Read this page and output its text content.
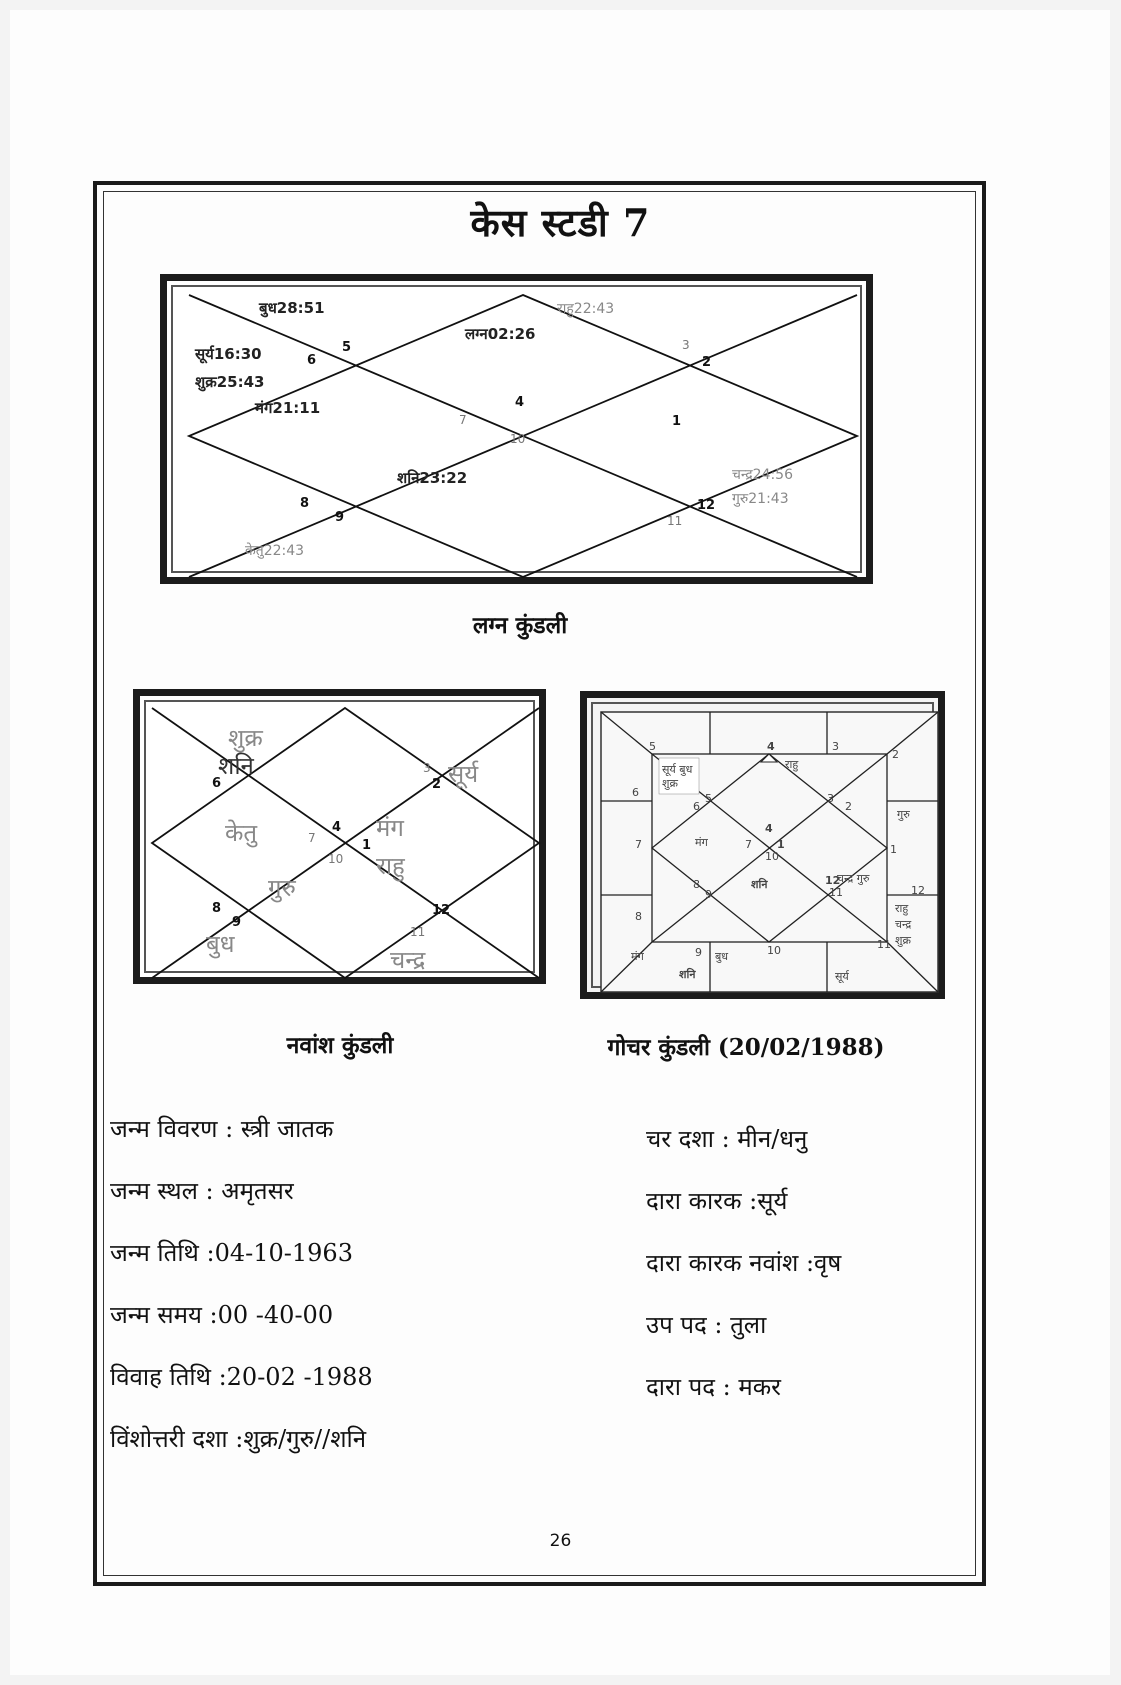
केस स्टडी 7
1
2
3
4
5
6
7
8
9
10
11
12
बुध28:51	राहु22:43
लग्न02:26
सूर्य16:30
शुक्र25:43
मंग21:11
शनि23:22	चन्द्र24:56
गुरु21:43
केतु22:43
लग्न कुंडली
1
2
3
4
6
7
8
9
10
11
12
शुक्र
शनि	सूर्य
केतु	मंग
राहु
गुरु
बुध
चन्द्र
नवांश कुंडली
4	3
2
1
12
11
10
9
8
7
6
5
4
1
10
7
3
2
5
6
8
9	11
12
सूर्य बुध
शुक्र
राहु
गुरु
मंग
शनि	चन्द्र गुरु
राहु
चन्द्र
शुक्र
मंग	बुध
शनि	सूर्य
गोचर कुंडली (20/02/1988)
जन्म विवरण : स्त्री जातक
जन्म स्थल : अमृतसर
जन्म तिथि :04-10-1963
जन्म समय :00 -40-00
विवाह तिथि :20-02 -1988
विंशोत्तरी दशा :शुक्र/गुरु//शनि
चर दशा : मीन/धनु
दारा कारक :सूर्य
दारा कारक नवांश :वृष
उप पद : तुला
दारा पद : मकर
26
